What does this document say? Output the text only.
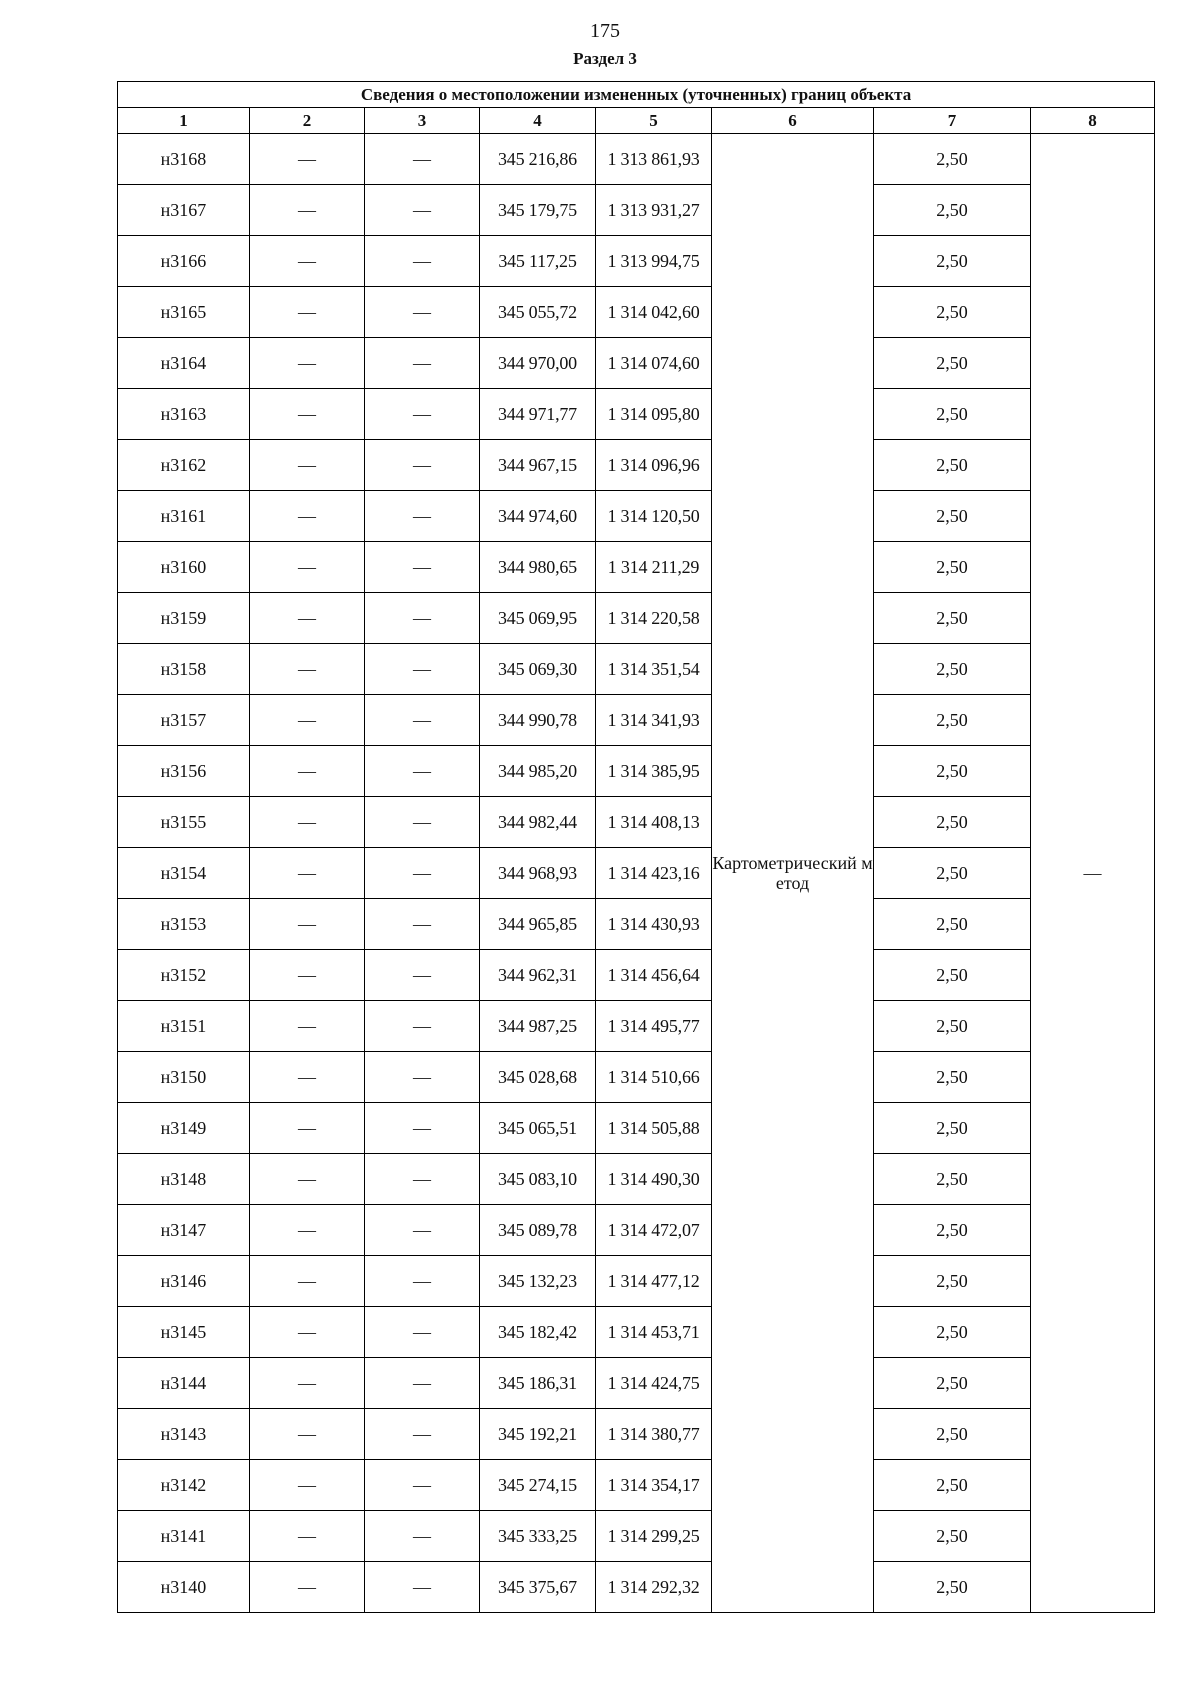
175
Раздел 3
Сведения о местоположении измененных (уточненных) границ объекта							
1	2	3	4	5	6	7	8
н3168	—	—	345 216,86	1 313 861,93	Картометрический метод	2,50	—
н3167	—	—	345 179,75	1 313 931,27		2,50	
н3166	—	—	345 117,25	1 313 994,75		2,50	
н3165	—	—	345 055,72	1 314 042,60		2,50	
н3164	—	—	344 970,00	1 314 074,60		2,50	
н3163	—	—	344 971,77	1 314 095,80		2,50	
н3162	—	—	344 967,15	1 314 096,96		2,50	
н3161	—	—	344 974,60	1 314 120,50		2,50	
н3160	—	—	344 980,65	1 314 211,29		2,50	
н3159	—	—	345 069,95	1 314 220,58		2,50	
н3158	—	—	345 069,30	1 314 351,54		2,50	
н3157	—	—	344 990,78	1 314 341,93		2,50	
н3156	—	—	344 985,20	1 314 385,95		2,50	
н3155	—	—	344 982,44	1 314 408,13		2,50	
н3154	—	—	344 968,93	1 314 423,16		2,50	
н3153	—	—	344 965,85	1 314 430,93		2,50	
н3152	—	—	344 962,31	1 314 456,64		2,50	
н3151	—	—	344 987,25	1 314 495,77		2,50	
н3150	—	—	345 028,68	1 314 510,66		2,50	
н3149	—	—	345 065,51	1 314 505,88		2,50	
н3148	—	—	345 083,10	1 314 490,30		2,50	
н3147	—	—	345 089,78	1 314 472,07		2,50	
н3146	—	—	345 132,23	1 314 477,12		2,50	
н3145	—	—	345 182,42	1 314 453,71		2,50	
н3144	—	—	345 186,31	1 314 424,75		2,50	
н3143	—	—	345 192,21	1 314 380,77		2,50	
н3142	—	—	345 274,15	1 314 354,17		2,50	
н3141	—	—	345 333,25	1 314 299,25		2,50	
н3140	—	—	345 375,67	1 314 292,32		2,50	
